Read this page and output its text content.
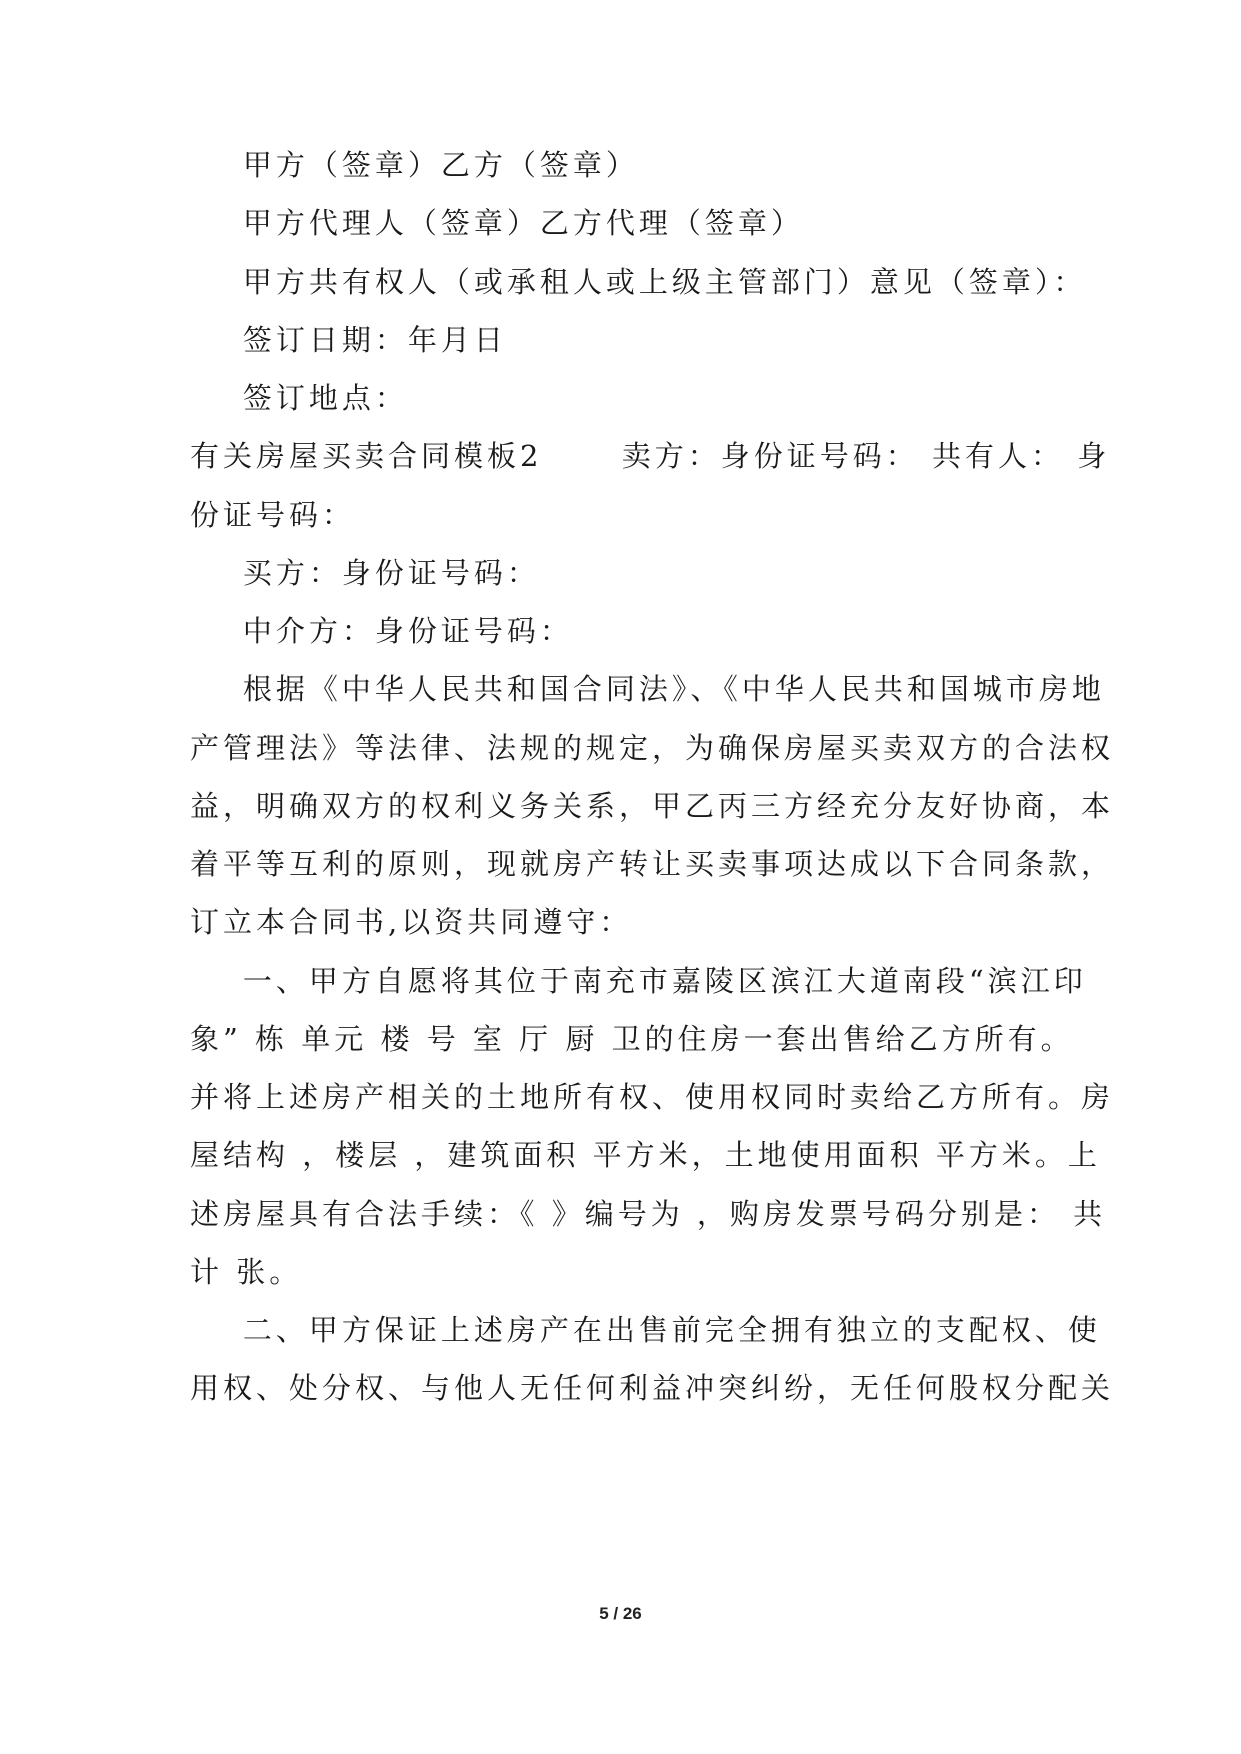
甲方（签章）乙方（签章）
甲方代理人（签章）乙方代理（签章）
甲方共有权人（或承租人或上级主管部门）意见（签章）：
签订日期：年月日
签订地点：
有关房屋买卖合同模板2      卖方：身份证号码： 共有人： 身
份证号码：
买方：身份证号码：
中介方：身份证号码：
根据《中华人民共和国合同法》、《中华人民共和国城市房地
产管理法》等法律、法规的规定，为确保房屋买卖双方的合法权
益，明确双方的权利义务关系，甲乙丙三方经充分友好协商，本
着平等互利的原则，现就房产转让买卖事项达成以下合同条款，
订立本合同书,以资共同遵守：
一、甲方自愿将其位于南充市嘉陵区滨江大道南段“滨江印
象” 栋 单元 楼 号 室 厅 厨 卫的住房一套出售给乙方所有。
并将上述房产相关的土地所有权、使用权同时卖给乙方所有。房
屋结构 ，楼层 ，建筑面积 平方米，土地使用面积 平方米。上
述房屋具有合法手续：《 》编号为 ，购房发票号码分别是： 共
计 张。
二、甲方保证上述房产在出售前完全拥有独立的支配权、使
用权、处分权、与他人无任何利益冲突纠纷，无任何股权分配关
5 / 26
